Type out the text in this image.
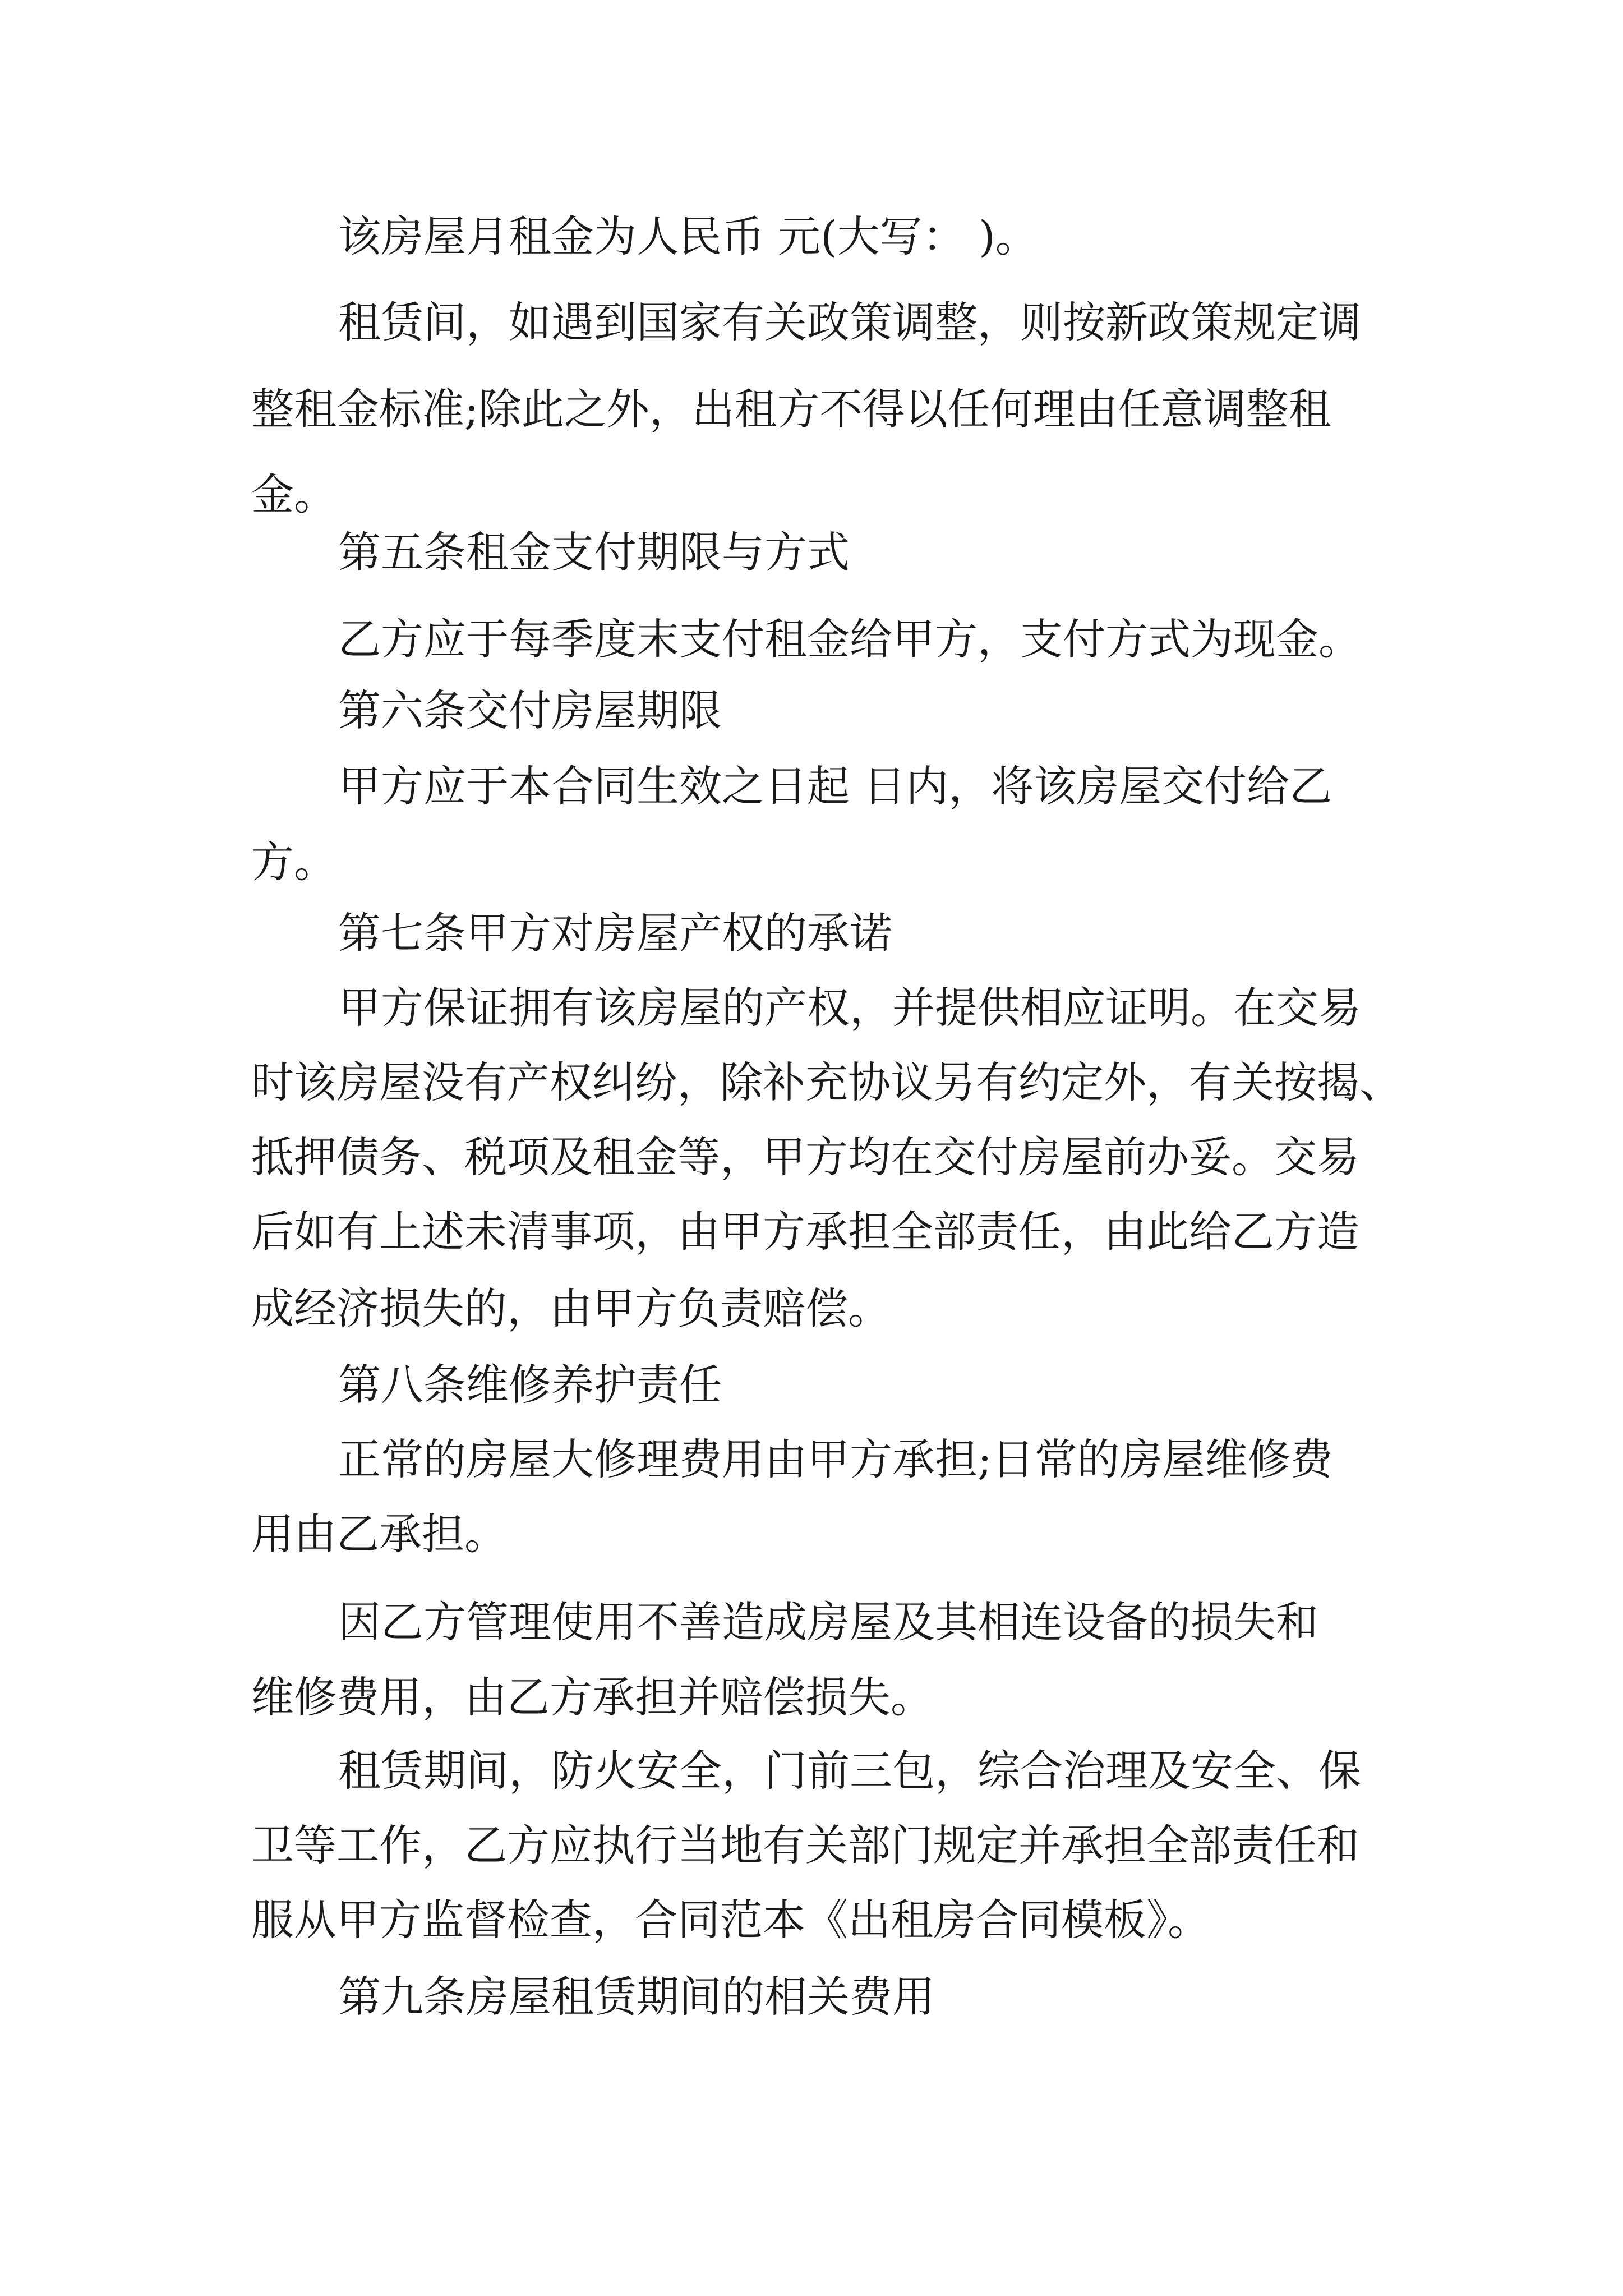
该房屋月租金为人民币 元(大写： )。

租赁间，如遇到国家有关政策调整，则按新政策规定调

整租金标准;除此之外，出租方不得以任何理由任意调整租

金。

第五条租金支付期限与方式

乙方应于每季度末支付租金给甲方，支付方式为现金。

第六条交付房屋期限

甲方应于本合同生效之日起 日内，将该房屋交付给乙

方。

第七条甲方对房屋产权的承诺

甲方保证拥有该房屋的产权，并提供相应证明。在交易

时该房屋没有产权纠纷，除补充协议另有约定外，有关按揭、

抵押债务、税项及租金等，甲方均在交付房屋前办妥。交易

后如有上述未清事项，由甲方承担全部责任，由此给乙方造

成经济损失的，由甲方负责赔偿。

第八条维修养护责任

正常的房屋大修理费用由甲方承担;日常的房屋维修费

用由乙承担。

因乙方管理使用不善造成房屋及其相连设备的损失和

维修费用，由乙方承担并赔偿损失。

租赁期间，防火安全，门前三包，综合治理及安全、保

卫等工作，乙方应执行当地有关部门规定并承担全部责任和

服从甲方监督检查，合同范本《出租房合同模板》。

第九条房屋租赁期间的相关费用
